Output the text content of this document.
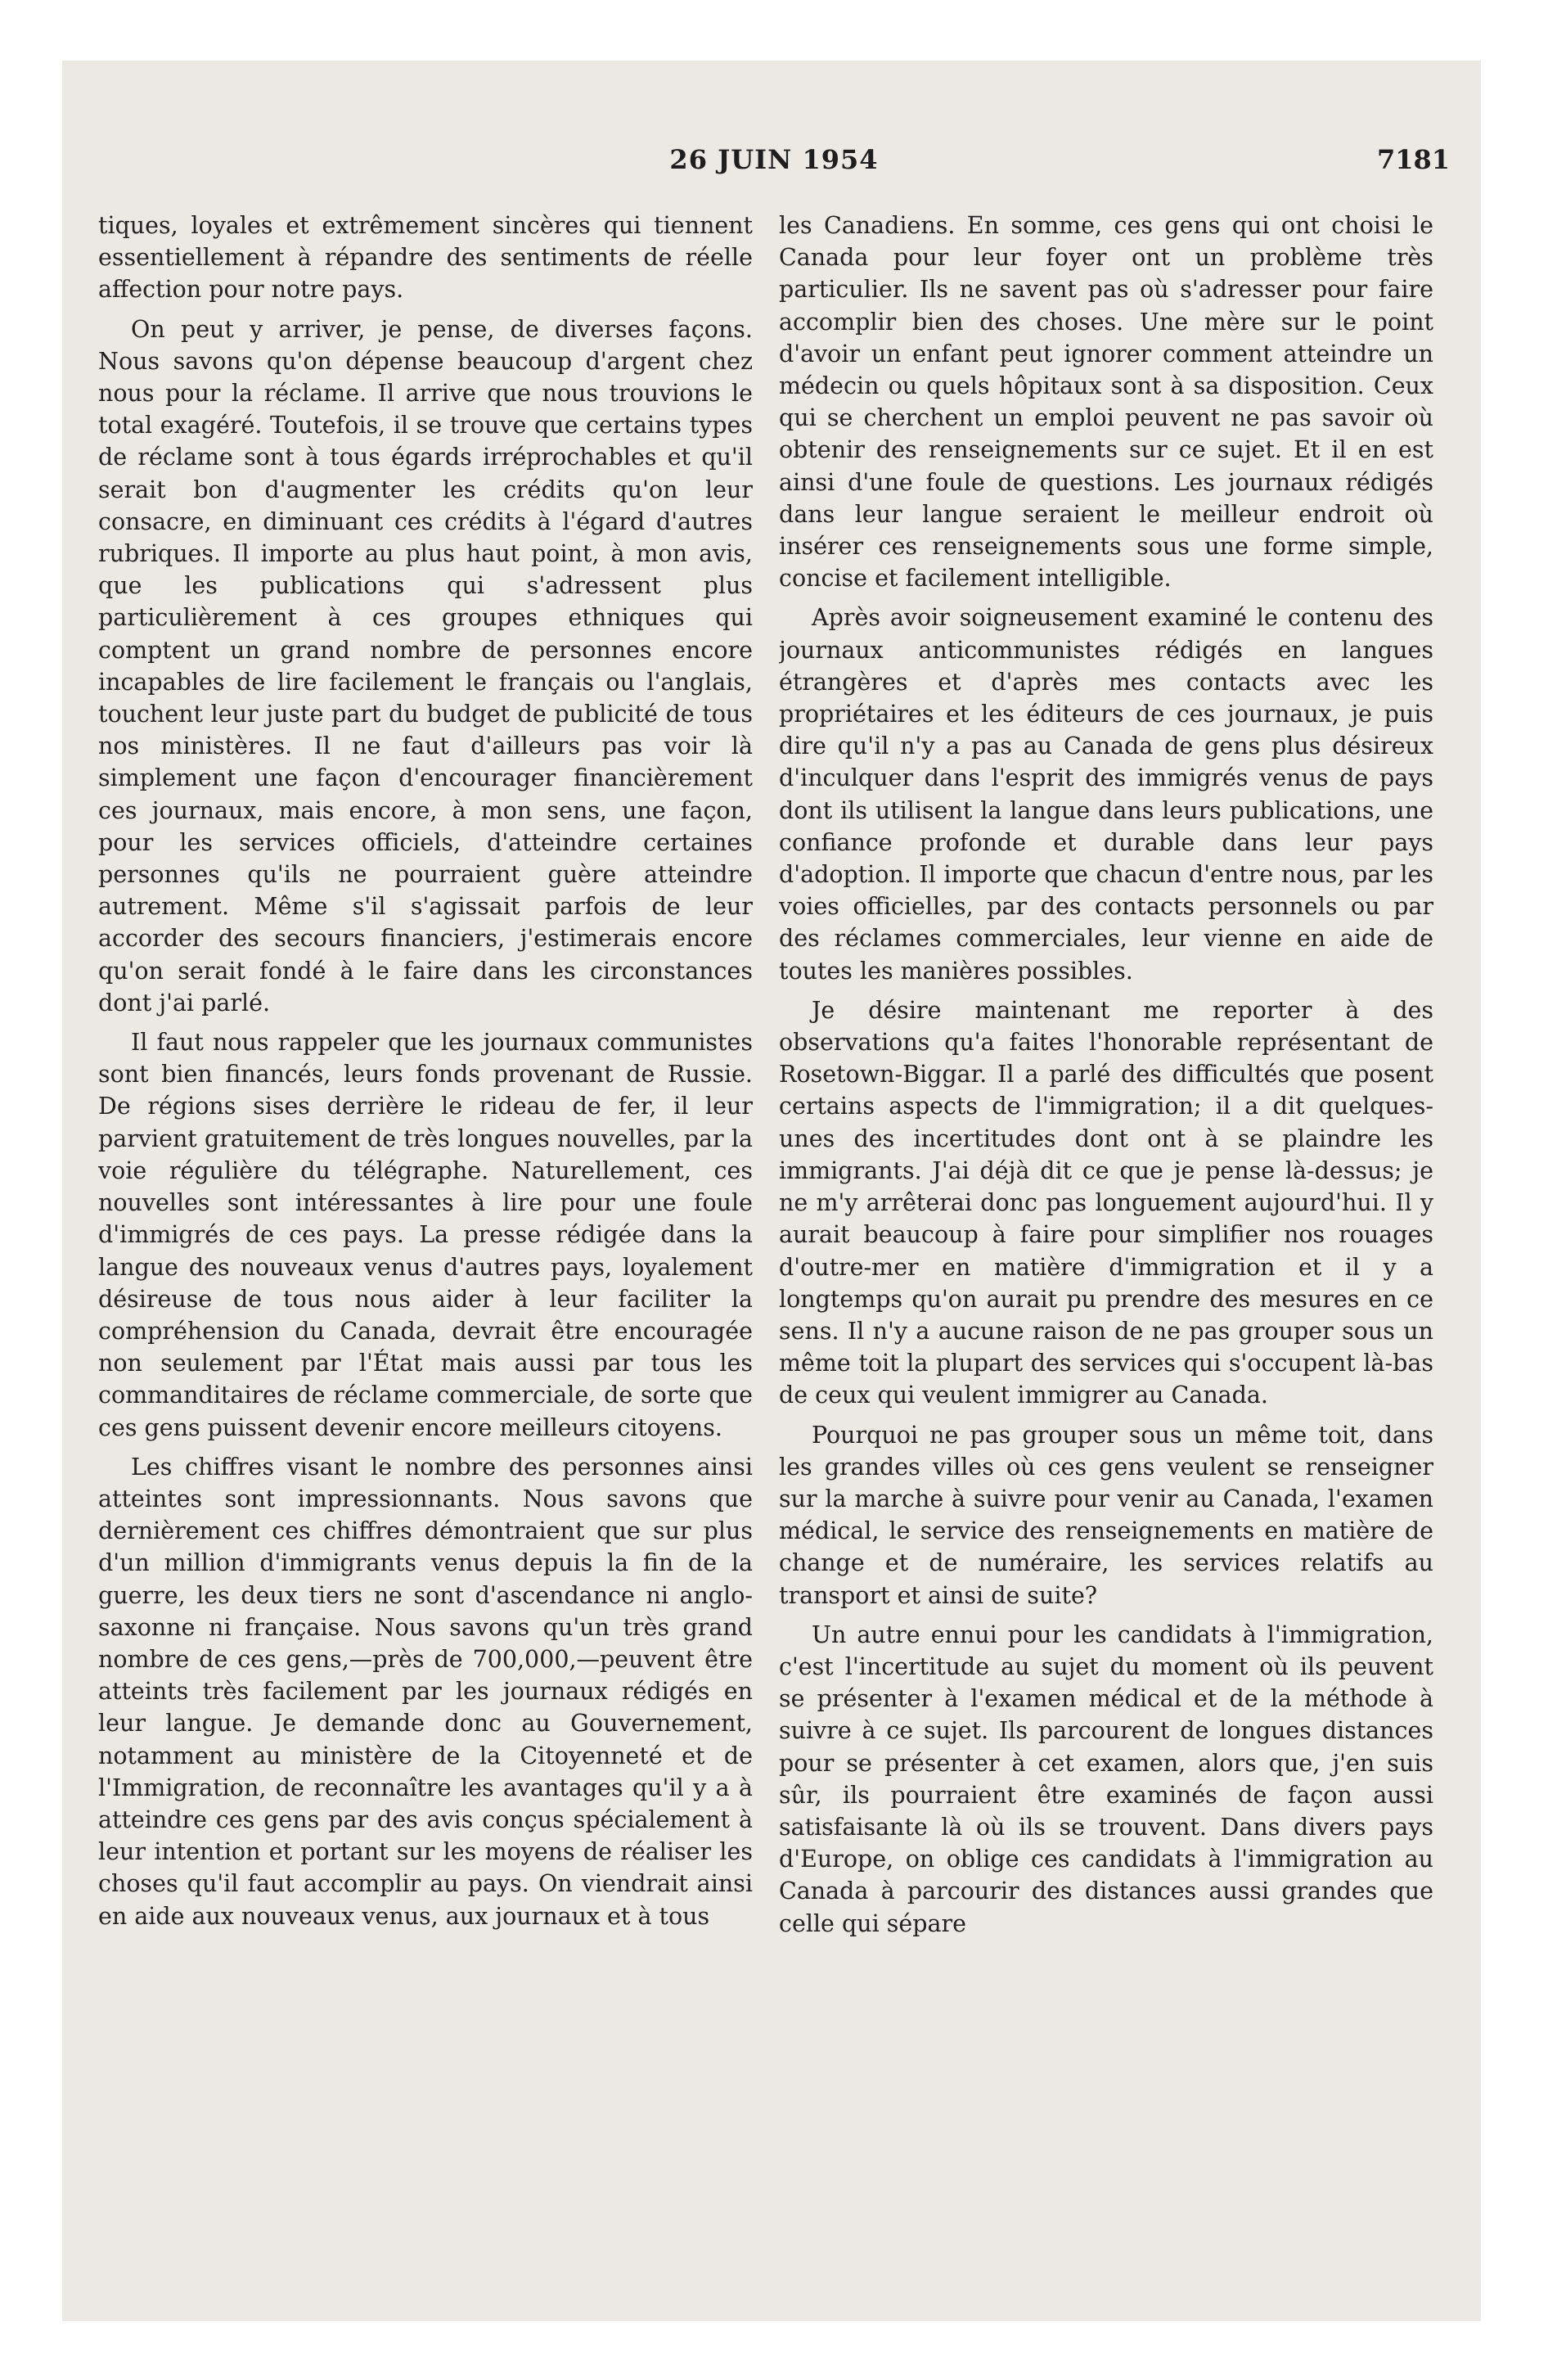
26 JUIN 1954	7181

tiques, loyales et extrêmement sincères qui tiennent essentiellement à répandre des sentiments de réelle affection pour notre pays.

On peut y arriver, je pense, de diverses façons. Nous savons qu'on dépense beaucoup d'argent chez nous pour la réclame. Il arrive que nous trouvions le total exagéré. Toutefois, il se trouve que certains types de réclame sont à tous égards irréprochables et qu'il serait bon d'augmenter les crédits qu'on leur consacre, en diminuant ces crédits à l'égard d'autres rubriques. Il importe au plus haut point, à mon avis, que les publications qui s'adressent plus particulièrement à ces groupes ethniques qui comptent un grand nombre de personnes encore incapables de lire facilement le français ou l'anglais, touchent leur juste part du budget de publicité de tous nos ministères. Il ne faut d'ailleurs pas voir là simplement une façon d'encourager financièrement ces journaux, mais encore, à mon sens, une façon, pour les services officiels, d'atteindre certaines personnes qu'ils ne pourraient guère atteindre autrement. Même s'il s'agissait parfois de leur accorder des secours financiers, j'estimerais encore qu'on serait fondé à le faire dans les circonstances dont j'ai parlé.

Il faut nous rappeler que les journaux communistes sont bien financés, leurs fonds provenant de Russie. De régions sises derrière le rideau de fer, il leur parvient gratuitement de très longues nouvelles, par la voie régulière du télégraphe. Naturellement, ces nouvelles sont intéressantes à lire pour une foule d'immigrés de ces pays. La presse rédigée dans la langue des nouveaux venus d'autres pays, loyalement désireuse de tous nous aider à leur faciliter la compréhension du Canada, devrait être encouragée non seulement par l'État mais aussi par tous les commanditaires de réclame commerciale, de sorte que ces gens puissent devenir encore meilleurs citoyens.

Les chiffres visant le nombre des personnes ainsi atteintes sont impressionnants. Nous savons que dernièrement ces chiffres démontraient que sur plus d'un million d'immigrants venus depuis la fin de la guerre, les deux tiers ne sont d'ascendance ni anglo-saxonne ni française. Nous savons qu'un très grand nombre de ces gens,—près de 700,000,—peuvent être atteints très facilement par les journaux rédigés en leur langue. Je demande donc au Gouvernement, notamment au ministère de la Citoyenneté et de l'Immigration, de reconnaître les avantages qu'il y a à atteindre ces gens par des avis conçus spécialement à leur intention et portant sur les moyens de réaliser les choses qu'il faut accomplir au pays. On viendrait ainsi en aide aux nouveaux venus, aux journaux et à tous

les Canadiens. En somme, ces gens qui ont choisi le Canada pour leur foyer ont un problème très particulier. Ils ne savent pas où s'adresser pour faire accomplir bien des choses. Une mère sur le point d'avoir un enfant peut ignorer comment atteindre un médecin ou quels hôpitaux sont à sa disposition. Ceux qui se cherchent un emploi peuvent ne pas savoir où obtenir des renseignements sur ce sujet. Et il en est ainsi d'une foule de questions. Les journaux rédigés dans leur langue seraient le meilleur endroit où insérer ces renseignements sous une forme simple, concise et facilement intelligible.

Après avoir soigneusement examiné le contenu des journaux anticommunistes rédigés en langues étrangères et d'après mes contacts avec les propriétaires et les éditeurs de ces journaux, je puis dire qu'il n'y a pas au Canada de gens plus désireux d'inculquer dans l'esprit des immigrés venus de pays dont ils utilisent la langue dans leurs publications, une confiance profonde et durable dans leur pays d'adoption. Il importe que chacun d'entre nous, par les voies officielles, par des contacts personnels ou par des réclames commerciales, leur vienne en aide de toutes les manières possibles.

Je désire maintenant me reporter à des observations qu'a faites l'honorable représentant de Rosetown-Biggar. Il a parlé des difficultés que posent certains aspects de l'immigration; il a dit quelques-unes des incertitudes dont ont à se plaindre les immigrants. J'ai déjà dit ce que je pense là-dessus; je ne m'y arrêterai donc pas longuement aujourd'hui. Il y aurait beaucoup à faire pour simplifier nos rouages d'outre-mer en matière d'immigration et il y a longtemps qu'on aurait pu prendre des mesures en ce sens. Il n'y a aucune raison de ne pas grouper sous un même toit la plupart des services qui s'occupent là-bas de ceux qui veulent immigrer au Canada.

Pourquoi ne pas grouper sous un même toit, dans les grandes villes où ces gens veulent se renseigner sur la marche à suivre pour venir au Canada, l'examen médical, le service des renseignements en matière de change et de numéraire, les services relatifs au transport et ainsi de suite?

Un autre ennui pour les candidats à l'immigration, c'est l'incertitude au sujet du moment où ils peuvent se présenter à l'examen médical et de la méthode à suivre à ce sujet. Ils parcourent de longues distances pour se présenter à cet examen, alors que, j'en suis sûr, ils pourraient être examinés de façon aussi satisfaisante là où ils se trouvent. Dans divers pays d'Europe, on oblige ces candidats à l'immigration au Canada à parcourir des distances aussi grandes que celle qui sépare
